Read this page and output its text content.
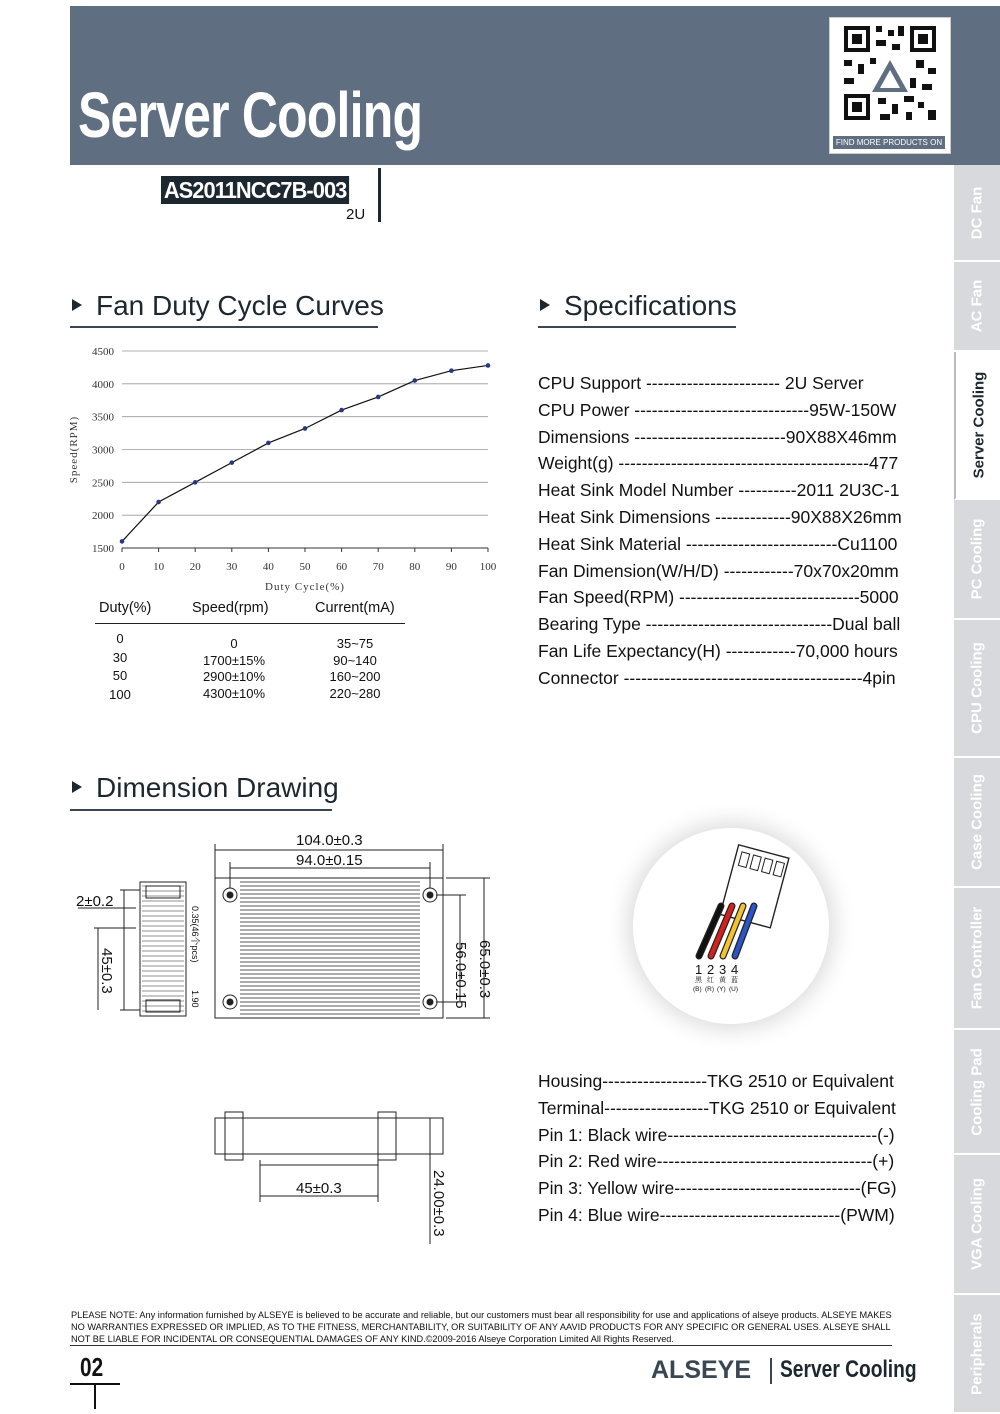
Server Cooling	FIND MORE PRODUCTS ON
AS2011NCC7B-003
2U	DC Fan
AC Fan
Server Cooling
PC Cooling
CPU Cooling
Case Cooling
Fan Controller
Cooling Pad
VGA Cooling
Peripherals
Fan Duty Cycle Curves
1500
2000
2500
3000
3500
4000
4500
0	10 20 30 40 50 60 70 80 90 100
Duty Cycle(%)
Speed(RPM)
Duty(%)	Speed(rpm)	Current(mA)
0	0	35~75
30	1700±15%	90~140
50	2900±10%	160~200
100	4300±10%	220~280
Specifications
CPU Support ----------------------- 2U Server
CPU Power ------------------------------95W-150W
Dimensions --------------------------90X88X46mm
Weight(g) -------------------------------------------477
Heat Sink Model Number ----------2011 2U3C-1
Heat Sink Dimensions -------------90X88X26mm
Heat Sink Material --------------------------Cu1100
Fan Dimension(W/H/D) ------------70x70x20mm
Fan Speed(RPM) -------------------------------5000
Bearing Type --------------------------------Dual ball
Fan Life Expectancy(H) ------------70,000 hours
Connector -----------------------------------------4pin
Dimension Drawing
104.0±0.3
94.0±0.15
56.0±0.15 65.0±0.3
2±0.2
45±0.3
0.35(46个pcs)
1.90
45±0.3	24.00±0.3
1
黑
(B)
2
红
(R)
3
黄
(Y)
4
蓝
(U)
Housing------------------TKG 2510 or Equivalent
Terminal------------------TKG 2510 or Equivalent
Pin 1: Black wire------------------------------------(-)
Pin 2: Red wire-------------------------------------(+)
Pin 3: Yellow wire--------------------------------(FG)
Pin 4: Blue wire-------------------------------(PWM)
PLEASE NOTE: Any information furnished by ALSEYE is believed to be accurate and reliable, but our customers must bear all responsibility for use and applications of alseye products. ALSEYE MAKES NO WARRANTIES EXPRESSED OR IMPLIED, AS TO THE FITNESS, MERCHANTABILITY, OR SUITABILITY OF ANY AAVID PRODUCTS FOR ANY SPECIFIC OR GENERAL USES. ALSEYE SHALL NOT BE LIABLE FOR INCIDENTAL OR CONSEQUENTIAL DAMAGES OF ANY KIND.©2009-2016 Alseye Corporation Limited All Rights Reserved.
02	ALSEYE Server Cooling
